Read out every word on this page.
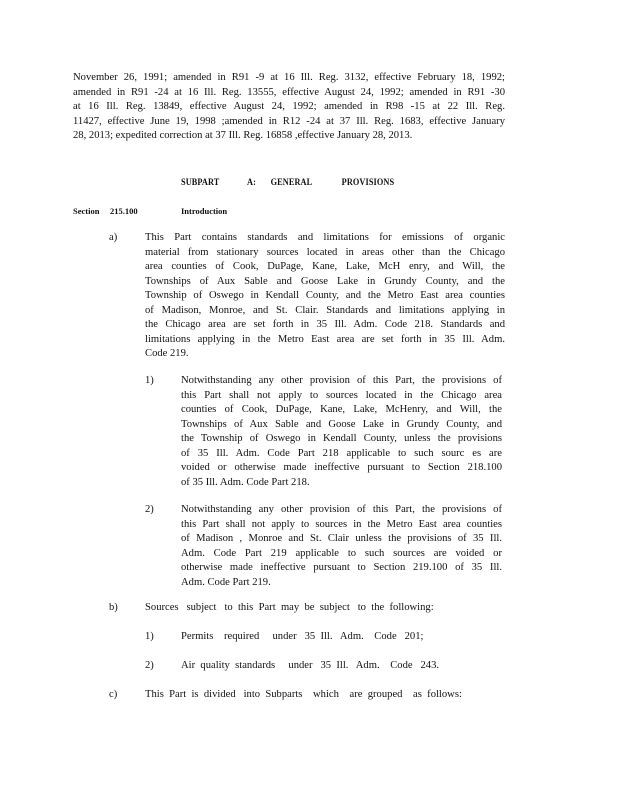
November 26, 1991; amended in R91 -9 at 16 Ill. Reg. 3132, effective February 18, 1992;
amended in R91 -24 at 16 Ill. Reg. 13555, effective August 24, 1992; amended in R91 -30
at 16 Ill. Reg. 13849, effective August 24, 1992; amended in R98 -15 at 22 Ill. Reg.
11427, effective June 19, 1998 ;amended in R12 -24 at 37 Ill. Reg. 1683, effective January
28, 2013; expedited correction at 37 Ill. Reg. 16858 ,effective January 28, 2013.
SUBPART	A: GENERAL	PROVISIONS
Section 215.100	Introduction
a)	This Part contains standards and limitations for emissions of organic
material from stationary sources located in areas other than the Chicago
area counties of Cook, DuPage, Kane, Lake, McH enry, and Will, the
Townships of Aux Sable and Goose Lake in Grundy County, and the
Township of Oswego in Kendall County, and the Metro East area counties
of Madison, Monroe, and St. Clair. Standards and limitations applying in
the Chicago area are set forth in 35 Ill. Adm. Code 218. Standards and
limitations applying in the Metro East area are set forth in 35 Ill. Adm.
Code 219.
1)	Notwithstanding any other provision of this Part, the provisions of
this Part shall not apply to sources located in the Chicago area
counties of Cook, DuPage, Kane, Lake, McHenry, and Will, the
Townships of Aux Sable and Goose Lake in Grundy County, and
the Township of Oswego in Kendall County, unless the provisions
of 35 Ill. Adm. Code Part 218 applicable to such sourc es are
voided or otherwise made ineffective pursuant to Section 218.100
of 35 Ill. Adm. Code Part 218.
2)	Notwithstanding any other provision of this Part, the provisions of
this Part shall not apply to sources in the Metro East area counties
of Madison , Monroe and St. Clair unless the provisions of 35 Ill.
Adm. Code Part 219 applicable to such sources are voided or
otherwise made ineffective pursuant to Section 219.100 of 35 Ill.
Adm. Code Part 219.
b)	Sources   subject   to  this  Part  may  be  subject   to  the  following:
1)	Permits    required     under   35  Ill.   Adm.    Code   201;
2)	Air  quality  standards     under   35  Ill.   Adm.    Code   243.
c)	This  Part  is  divided   into  Subparts    which    are  grouped    as  follows:
